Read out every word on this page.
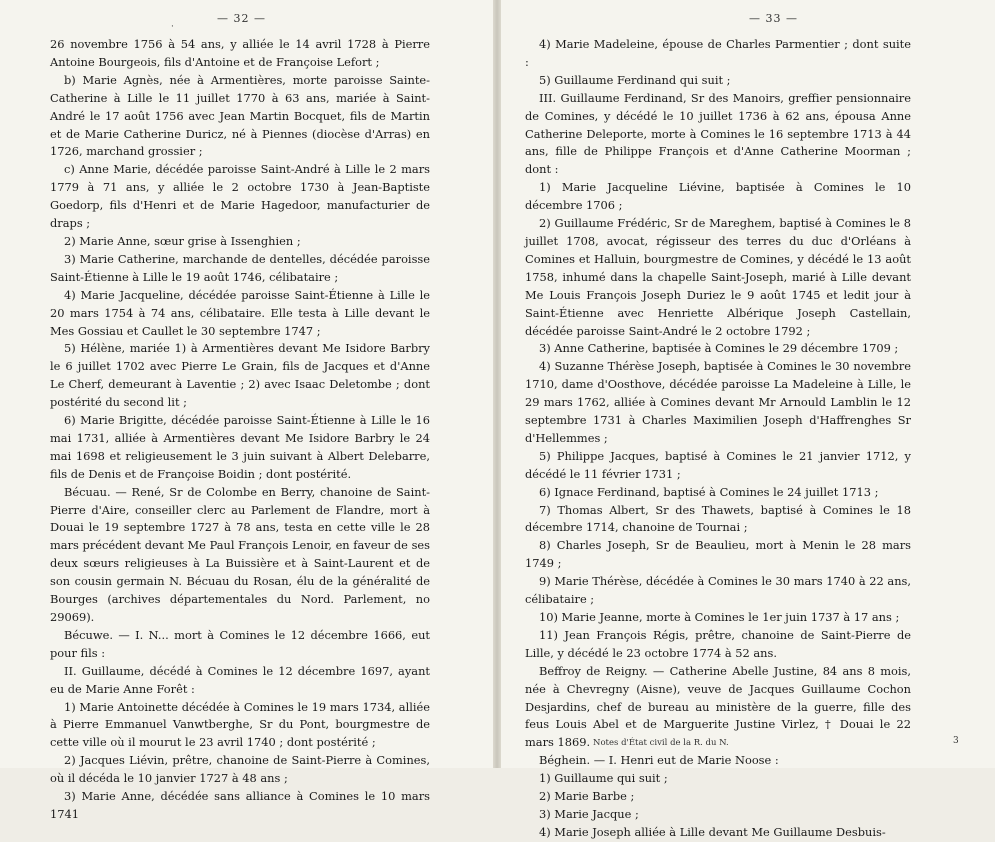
— 32 —

26 novembre 1756 à 54 ans, y alliée le 14 avril 1728 à Pierre Antoine Bourgeois, fils d'Antoine et de Françoise Lefort ;

b) Marie Agnès, née à Armentières, morte paroisse Sainte-Catherine à Lille le 11 juillet 1770 à 63 ans, mariée à Saint-André le 17 août 1756 avec Jean Martin Bocquet, fils de Martin et de Marie Catherine Duricz, né à Piennes (diocèse d'Arras) en 1726, marchand grossier ;

c) Anne Marie, décédée paroisse Saint-André à Lille le 2 mars 1779 à 71 ans, y alliée le 2 octobre 1730 à Jean-Baptiste Goedorp, fils d'Henri et de Marie Hagedoor, manufacturier de draps ;

2) Marie Anne, sœur grise à Issenghien ;

3) Marie Catherine, marchande de dentelles, décédée paroisse Saint-Étienne à Lille le 19 août 1746, célibataire ;

4) Marie Jacqueline, décédée paroisse Saint-Étienne à Lille le 20 mars 1754 à 74 ans, célibataire. Elle testa à Lille devant le Mes Gossiau et Caullet le 30 septembre 1747 ;

5) Hélène, mariée 1) à Armentières devant Me Isidore Barbry le 6 juillet 1702 avec Pierre Le Grain, fils de Jacques et d'Anne Le Cherf, demeurant à Laventie ; 2) avec Isaac Deletombe ; dont postérité du second lit ;

6) Marie Brigitte, décédée paroisse Saint-Étienne à Lille le 16 mai 1731, alliée à Armentières devant Me Isidore Barbry le 24 mai 1698 et religieusement le 3 juin suivant à Albert Delebarre, fils de Denis et de Françoise Boidin ; dont postérité.

Bécuau. — René, Sr de Colombe en Berry, chanoine de Saint-Pierre d'Aire, conseiller clerc au Parlement de Flandre, mort à Douai le 19 septembre 1727 à 78 ans, testa en cette ville le 28 mars précédent devant Me Paul François Lenoir, en faveur de ses deux sœurs religieuses à La Buissière et à Saint-Laurent et de son cousin germain N. Bécuau du Rosan, élu de la généralité de Bourges (archives départementales du Nord. Parlement, no 29069).

Bécuwe. — I. N... mort à Comines le 12 décembre 1666, eut pour fils :

II. Guillaume, décédé à Comines le 12 décembre 1697, ayant eu de Marie Anne Forêt :

1) Marie Antoinette décédée à Comines le 19 mars 1734, alliée à Pierre Emmanuel Vanwtberghe, Sr du Pont, bourgmestre de cette ville où il mourut le 23 avril 1740 ; dont postérité ;

2) Jacques Liévin, prêtre, chanoine de Saint-Pierre à Comines, où il décéda le 10 janvier 1727 à 48 ans ;

3) Marie Anne, décédée sans alliance à Comines le 10 mars 1741

— 33 —

4) Marie Madeleine, épouse de Charles Parmentier ; dont suite :

5) Guillaume Ferdinand qui suit ;

III. Guillaume Ferdinand, Sr des Manoirs, greffier pensionnaire de Comines, y décédé le 10 juillet 1736 à 62 ans, épousa Anne Catherine Deleporte, morte à Comines le 16 septembre 1713 à 44 ans, fille de Philippe François et d'Anne Catherine Moorman ; dont :

1) Marie Jacqueline Liévine, baptisée à Comines le 10 décembre 1706 ;

2) Guillaume Frédéric, Sr de Mareghem, baptisé à Comines le 8 juillet 1708, avocat, régisseur des terres du duc d'Orléans à Comines et Halluin, bourgmestre de Comines, y décédé le 13 août 1758, inhumé dans la chapelle Saint-Joseph, marié à Lille devant Me Louis François Joseph Duriez le 9 août 1745 et ledit jour à Saint-Étienne avec Henriette Albérique Joseph Castellain, décédée paroisse Saint-André le 2 octobre 1792 ;

3) Anne Catherine, baptisée à Comines le 29 décembre 1709 ;

4) Suzanne Thérèse Joseph, baptisée à Comines le 30 novembre 1710, dame d'Oosthove, décédée paroisse La Madeleine à Lille, le 29 mars 1762, alliée à Comines devant Mr Arnould Lamblin le 12 septembre 1731 à Charles Maximilien Joseph d'Haffrenghes Sr d'Hellemmes ;

5) Philippe Jacques, baptisé à Comines le 21 janvier 1712, y décédé le 11 février 1731 ;

6) Ignace Ferdinand, baptisé à Comines le 24 juillet 1713 ;

7) Thomas Albert, Sr des Thawets, baptisé à Comines le 18 décembre 1714, chanoine de Tournai ;

8) Charles Joseph, Sr de Beaulieu, mort à Menin le 28 mars 1749 ;

9) Marie Thérèse, décédée à Comines le 30 mars 1740 à 22 ans, célibataire ;

10) Marie Jeanne, morte à Comines le 1er juin 1737 à 17 ans ;

11) Jean François Régis, prêtre, chanoine de Saint-Pierre de Lille, y décédé le 23 octobre 1774 à 52 ans.

Beffroy de Reigny. — Catherine Abelle Justine, 84 ans 8 mois, née à Chevregny (Aisne), veuve de Jacques Guillaume Cochon Desjardins, chef de bureau au ministère de la guerre, fille des feus Louis Abel et de Marguerite Justine Virlez, † Douai le 22 mars 1869.

Béghein. — I. Henri eut de Marie Noose :

1) Guillaume qui suit ;

2) Marie Barbe ;

3) Marie Jacque ;

4) Marie Joseph alliée à Lille devant Me Guillaume Desbuis-

·
Notes d'État civil de la R. du N.	3
